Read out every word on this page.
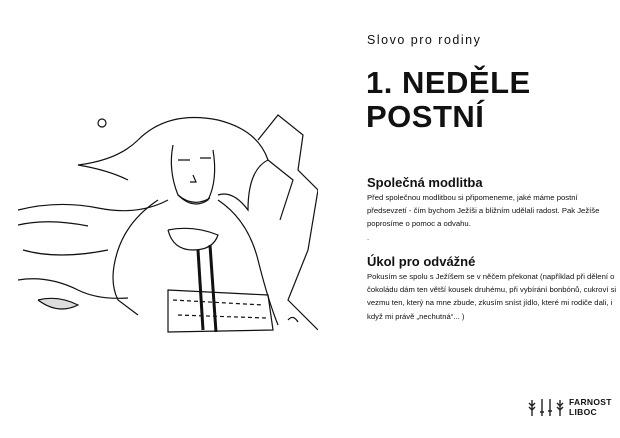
Slovo pro rodiny
1. NEDĚLE
POSTNÍ
Společná modlitba

Před společnou modlitbou si připomeneme, jaké máme postní předsevzetí - čím bychom Ježíši a bližním udělali radost. Pak Ježíše poprosíme o pomoc a odvahu.

.

Úkol pro odvážné

Pokusím se spolu s Ježíšem se v něčem překonat (například při dělení o čokoládu dám ten větší kousek druhému, při vybírání bonbónů, cukroví si vezmu ten, který na mne zbude, zkusím sníst jídlo, které mi rodiče dali, i když mi právě „nechutná“... )

FARNOST
LIBOC
